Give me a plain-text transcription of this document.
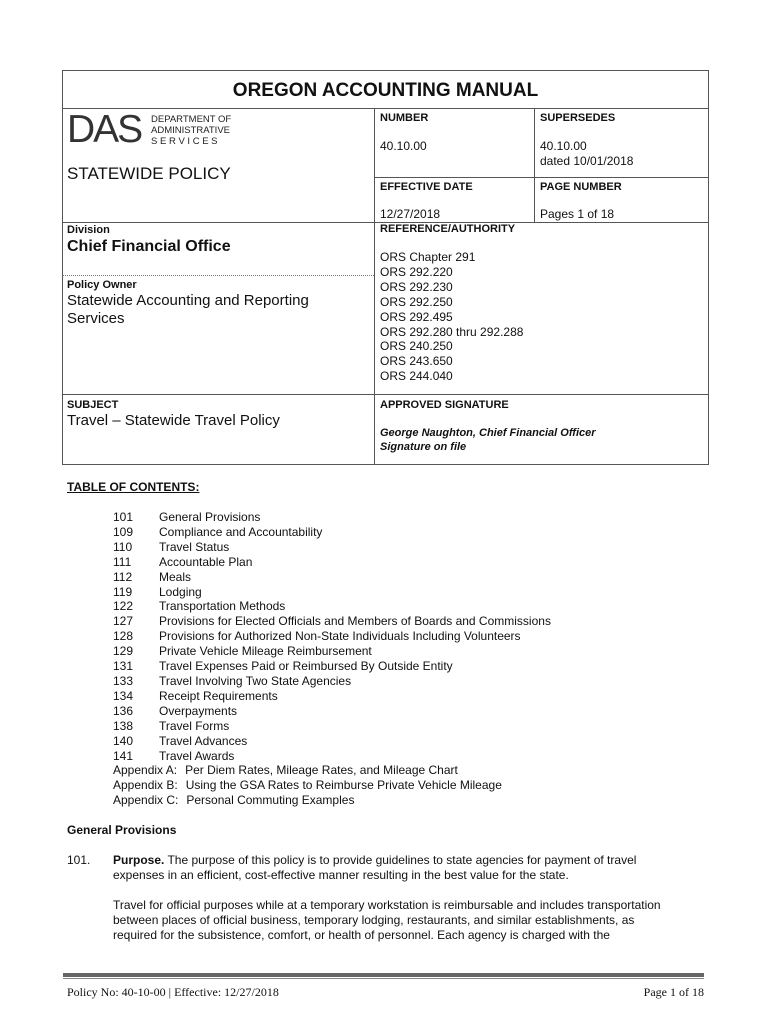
OREGON ACCOUNTING MANUAL
DAS DEPARTMENT OF
ADMINISTRATIVE
S E R V I C E S
STATEWIDE POLICY
NUMBER
40.10.00
SUPERSEDES
40.10.00
dated 10/01/2018
EFFECTIVE DATE
12/27/2018
PAGE NUMBER
Pages 1 of 18
Division
Chief Financial Office
Policy Owner
Statewide Accounting and Reporting
Services
REFERENCE/AUTHORITY
ORS Chapter 291
ORS 292.220
ORS 292.230
ORS 292.250
ORS 292.495
ORS 292.280 thru 292.288
ORS 240.250
ORS 243.650
ORS 244.040
SUBJECT
Travel – Statewide Travel Policy
APPROVED SIGNATURE
George Naughton, Chief Financial Officer
Signature on file
TABLE OF CONTENTS:
101 General Provisions
109 Compliance and Accountability
110 Travel Status
111 Accountable Plan
112 Meals
119 Lodging
122 Transportation Methods
127 Provisions for Elected Officials and Members of Boards and Commissions
128 Provisions for Authorized Non-State Individuals Including Volunteers
129 Private Vehicle Mileage Reimbursement
131 Travel Expenses Paid or Reimbursed By Outside Entity
133 Travel Involving Two State Agencies
134 Receipt Requirements
136 Overpayments
138 Travel Forms
140 Travel Advances
141 Travel Awards
Appendix A: Per Diem Rates, Mileage Rates, and Mileage Chart
Appendix B: Using the GSA Rates to Reimburse Private Vehicle Mileage
Appendix C: Personal Commuting Examples
General Provisions
101. Purpose. The purpose of this policy is to provide guidelines to state agencies for payment of travel
expenses in an efficient, cost-effective manner resulting in the best value for the state.
Travel for official purposes while at a temporary workstation is reimbursable and includes transportation
between places of official business, temporary lodging, restaurants, and similar establishments, as
required for the subsistence, comfort, or health of personnel. Each agency is charged with the
Policy No: 40-10-00 | Effective: 12/27/2018	Page 1 of 18
